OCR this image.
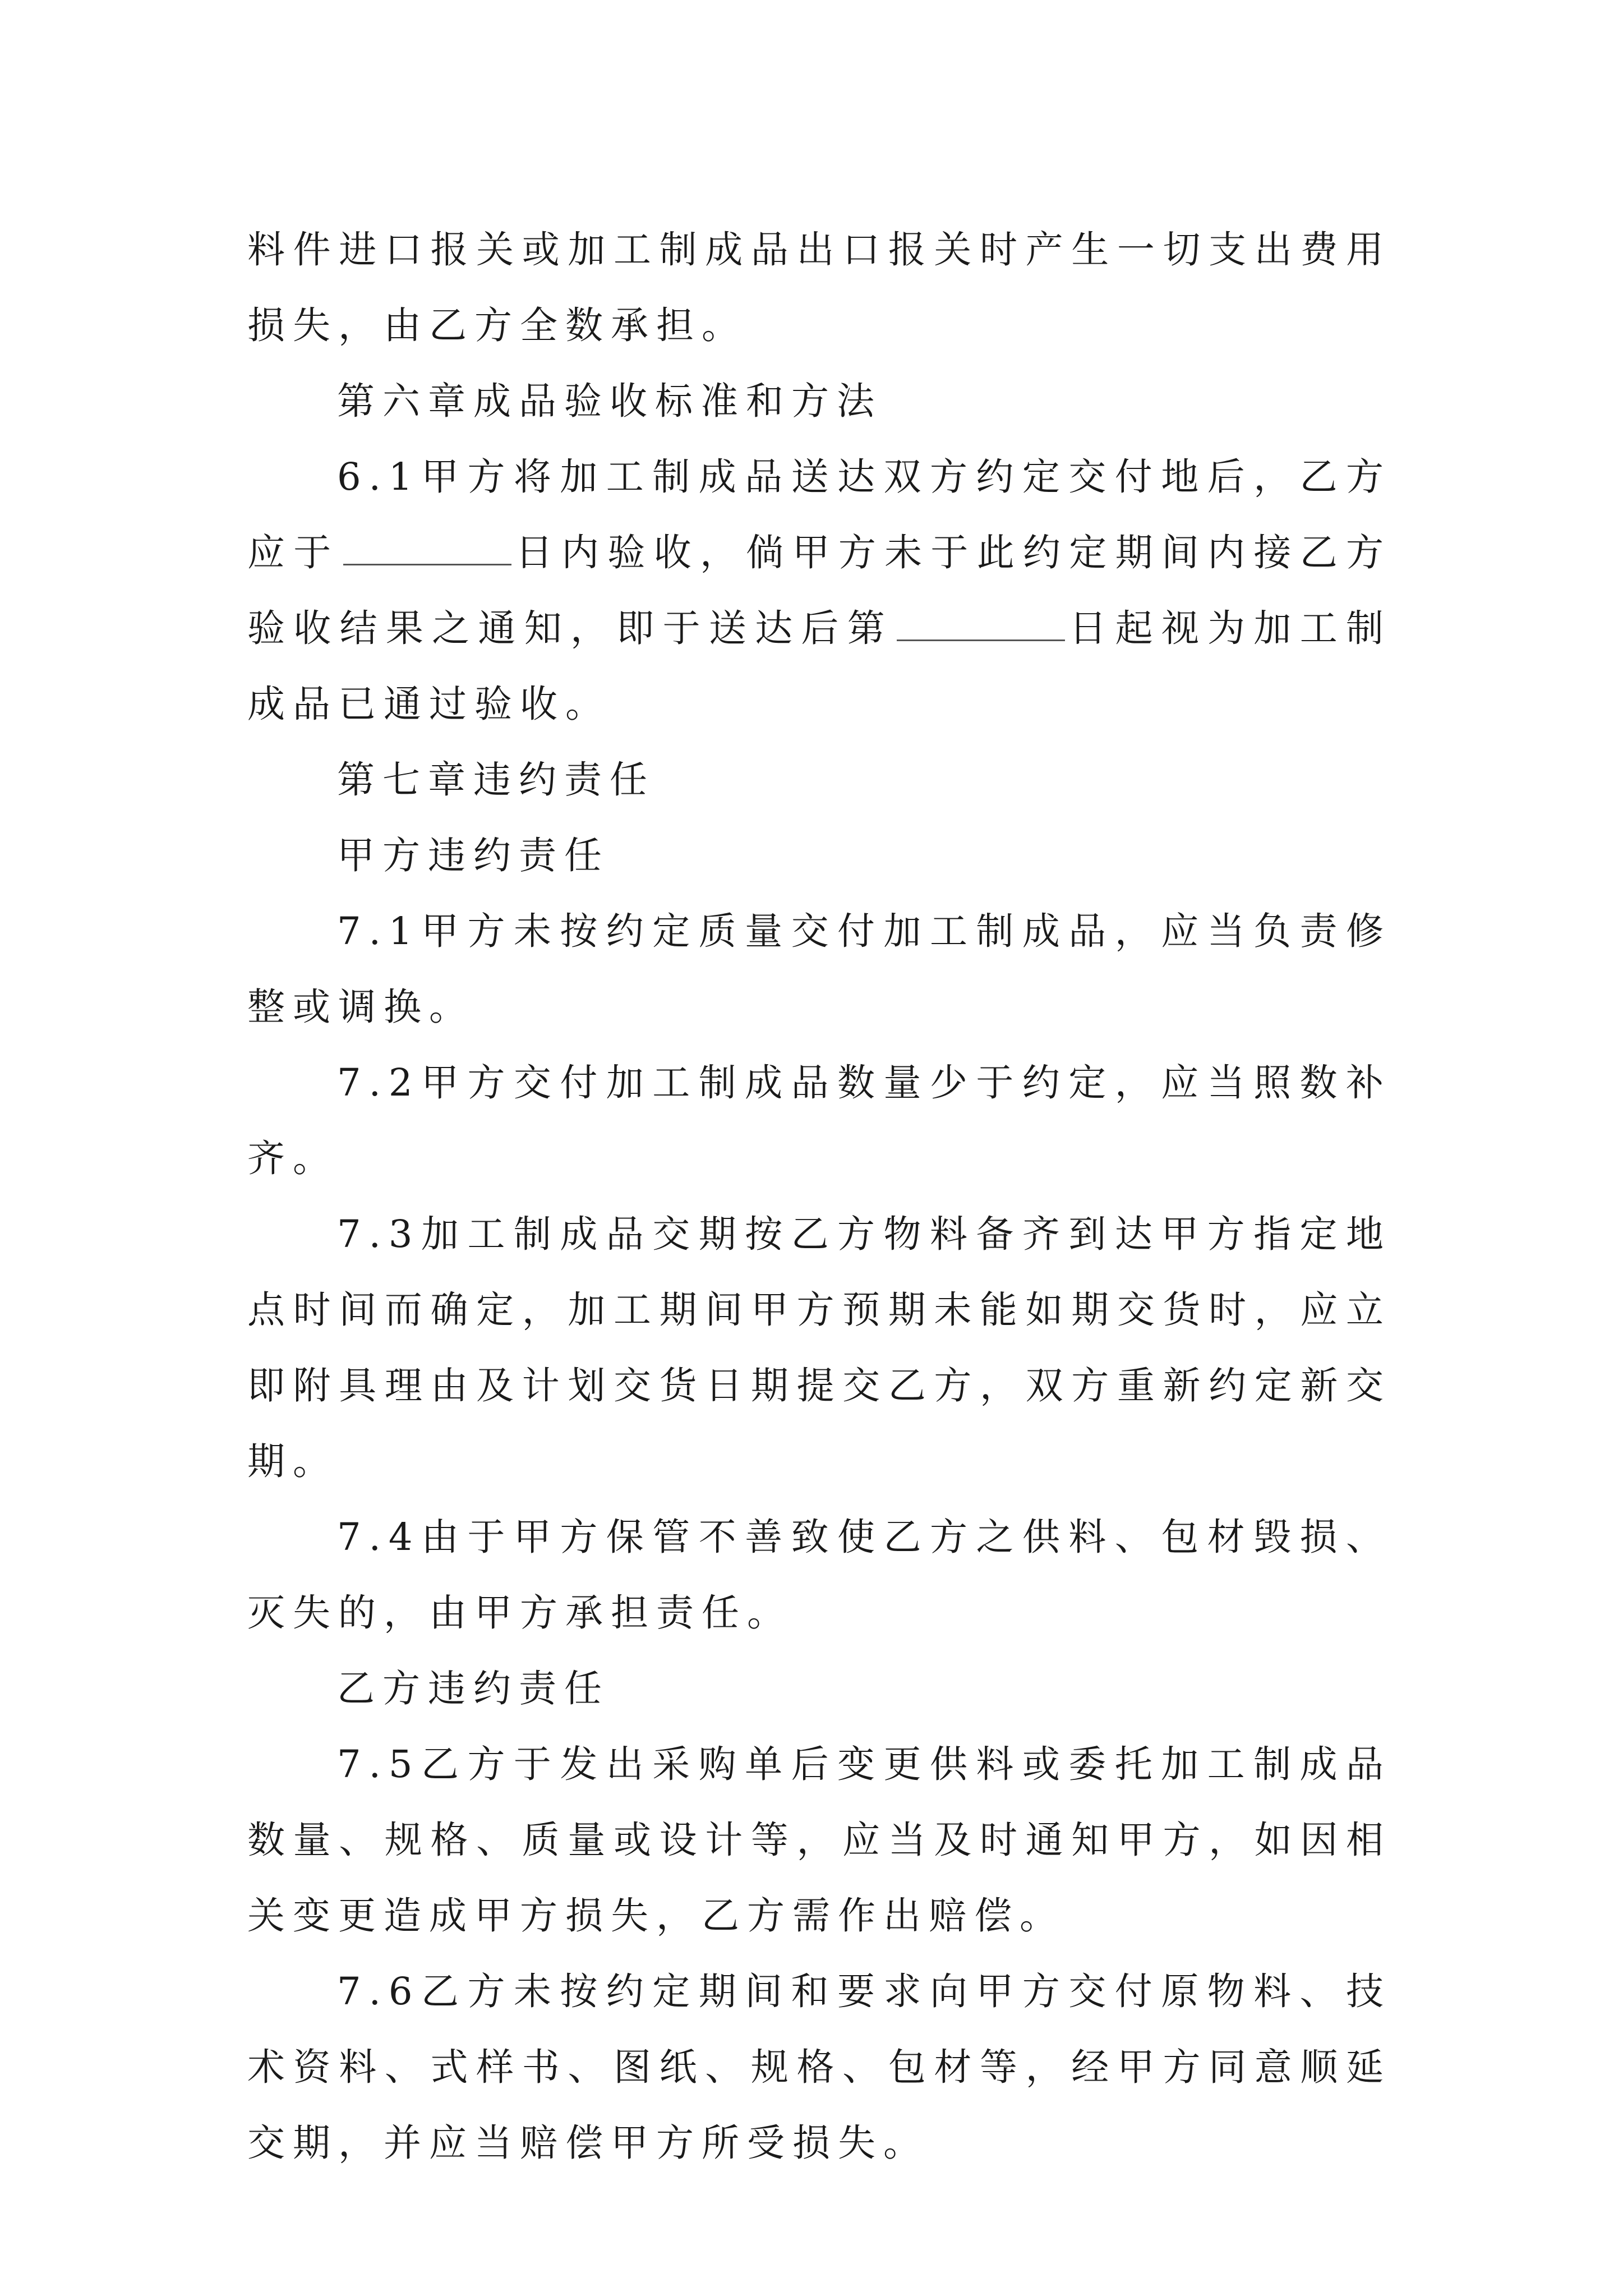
料件进口报关或加工制成品出口报关时产生一切支出费用损失，由乙方全数承担。

第六章成品验收标准和方法

6.1甲方将加工制成品送达双方约定交付地后，乙方应于	日内验收，倘甲方未于此约定期间内接乙方验收结果之通知，即于送达后第	日起视为加工制成品已通过验收。

第七章违约责任

甲方违约责任

7.1甲方未按约定质量交付加工制成品，应当负责修整或调换。

7.2甲方交付加工制成品数量少于约定，应当照数补齐。

7.3加工制成品交期按乙方物料备齐到达甲方指定地点时间而确定，加工期间甲方预期未能如期交货时，应立即附具理由及计划交货日期提交乙方，双方重新约定新交期。

7.4由于甲方保管不善致使乙方之供料、包材毁损、灭失的，由甲方承担责任。

乙方违约责任

7.5乙方于发出采购单后变更供料或委托加工制成品数量、规格、质量或设计等，应当及时通知甲方，如因相关变更造成甲方损失，乙方需作出赔偿。

7.6乙方未按约定期间和要求向甲方交付原物料、技术资料、式样书、图纸、规格、包材等，经甲方同意顺延交期，并应当赔偿甲方所受损失。
